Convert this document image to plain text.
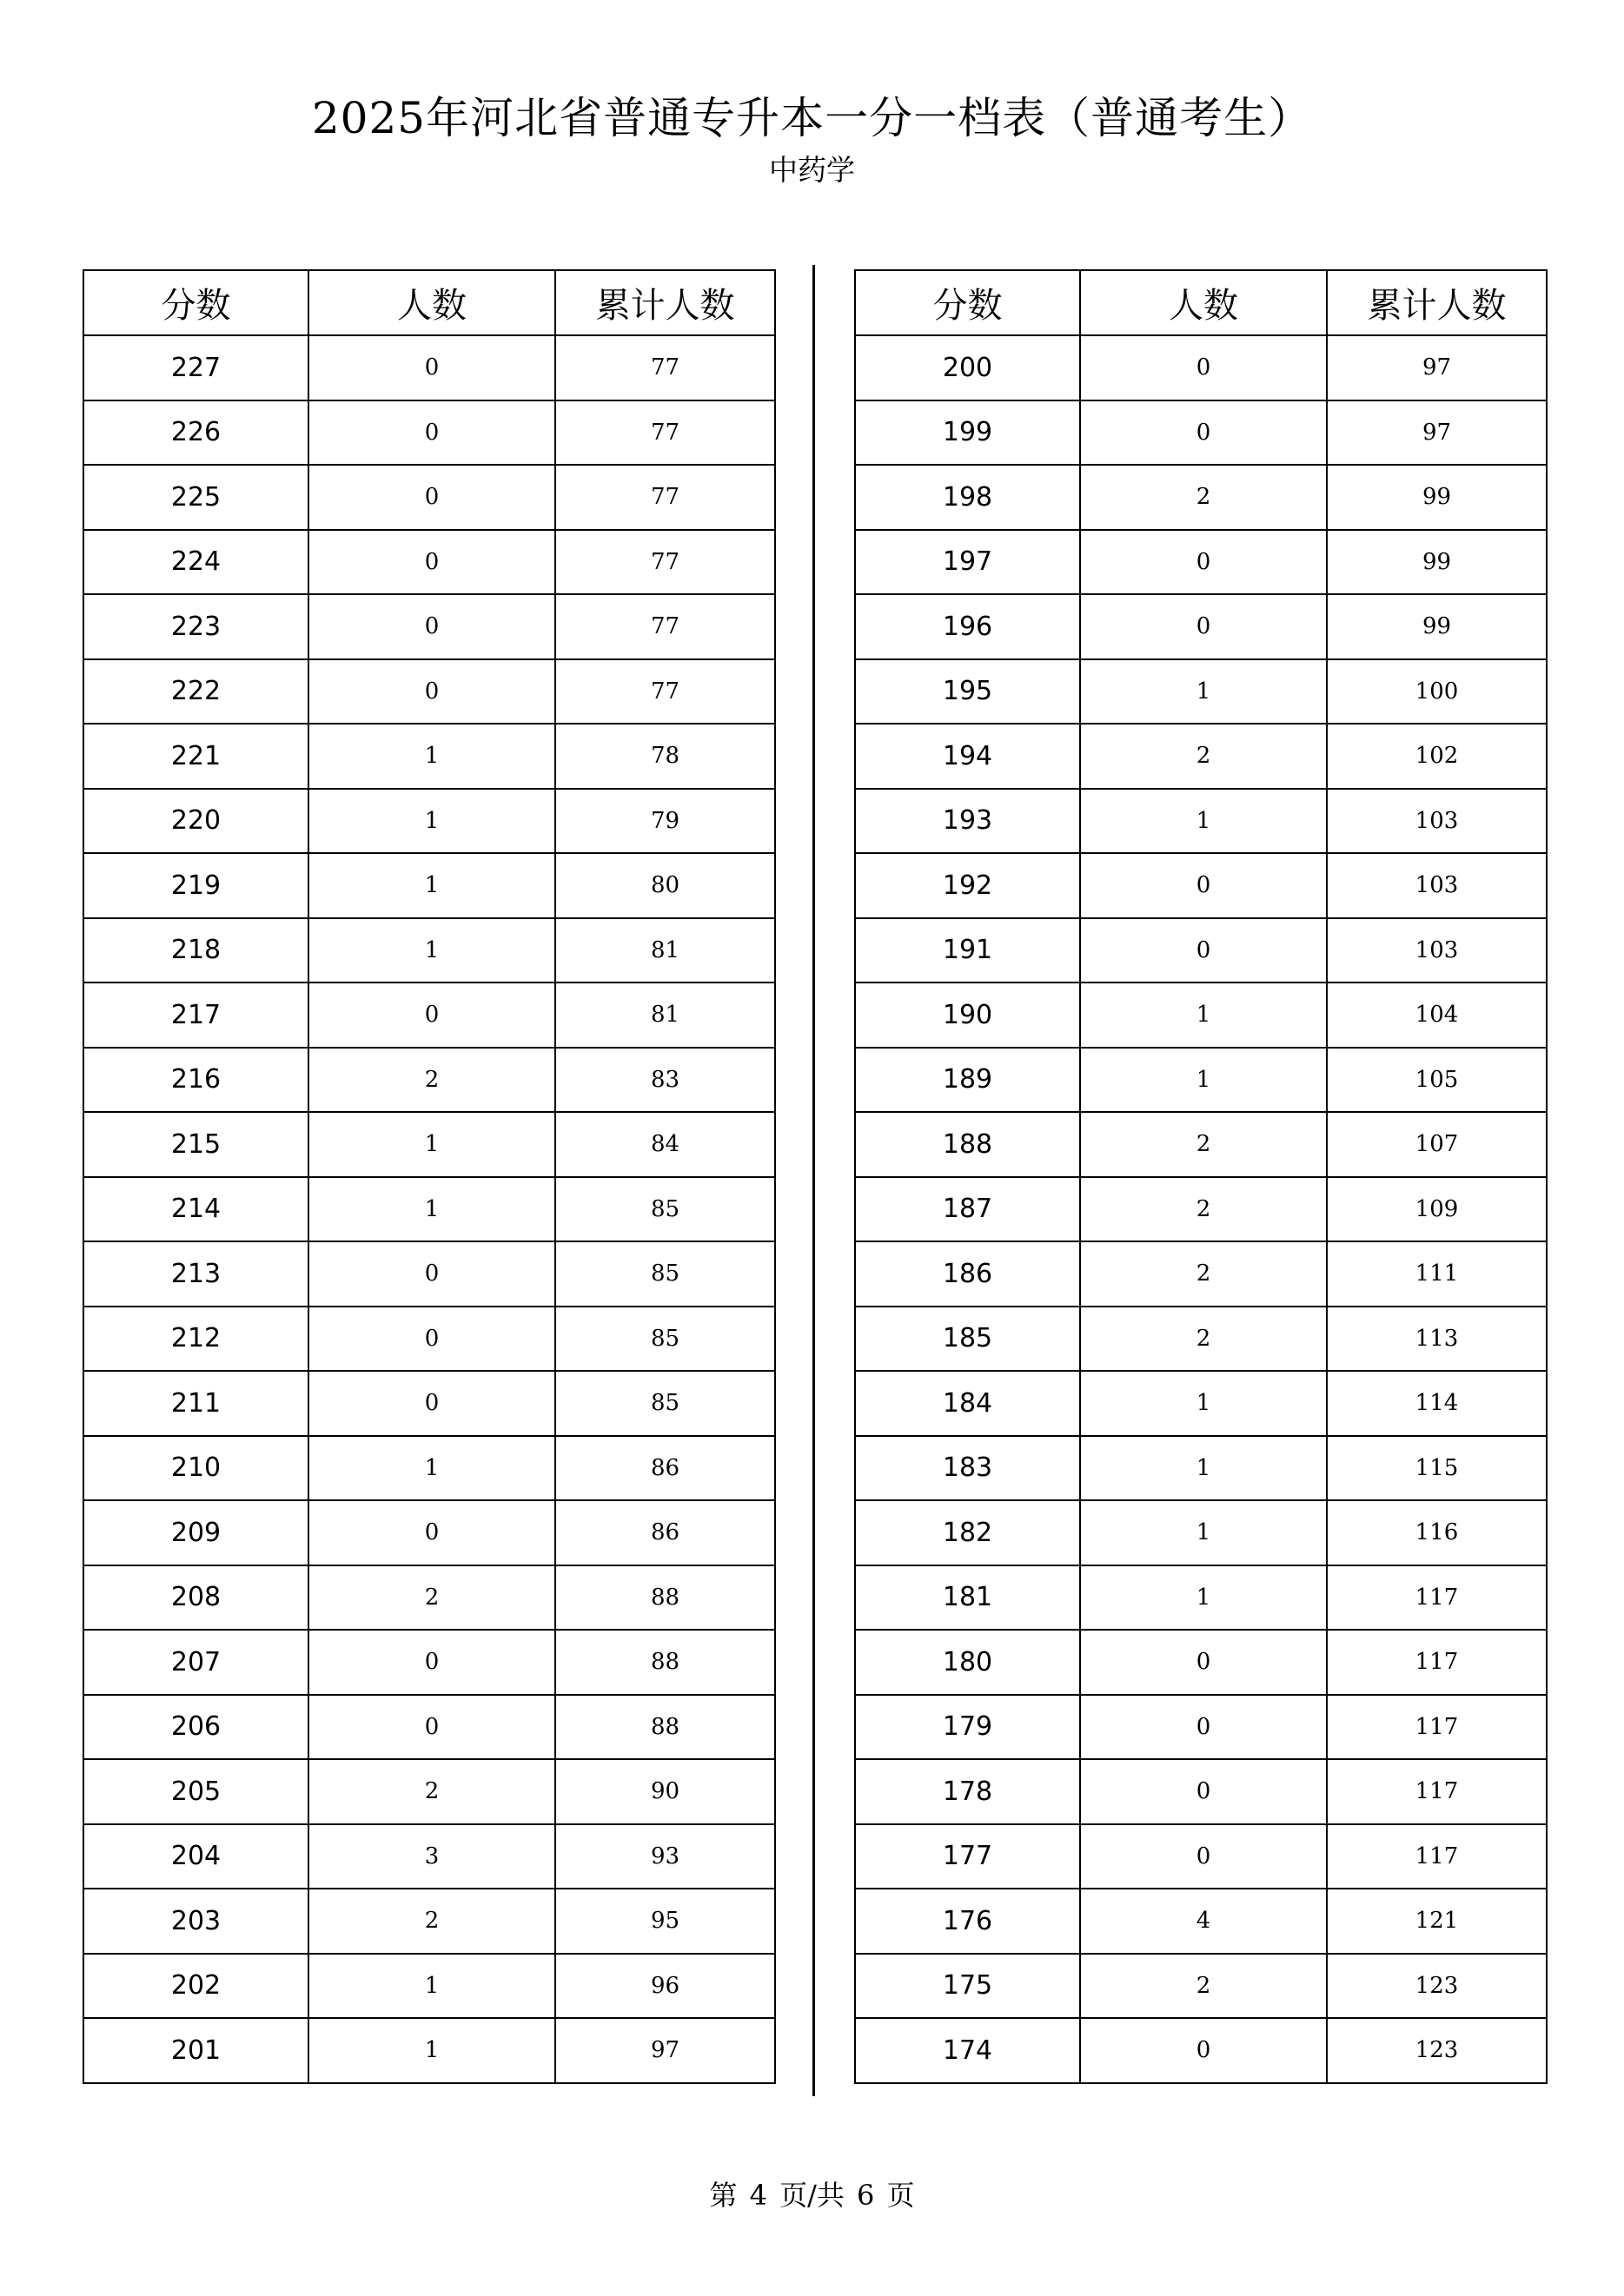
2025年河北省普通专升本一分一档表（普通考生）
中药学
分数	人数	累计人数
227	0	77
226	0	77
225	0	77
224	0	77
223	0	77
222	0	77
221	1	78
220	1	79
219	1	80
218	1	81
217	0	81
216	2	83
215	1	84
214	1	85
213	0	85
212	0	85
211	0	85
210	1	86
209	0	86
208	2	88
207	0	88
206	0	88
205	2	90
204	3	93
203	2	95
202	1	96
201	1	97
分数	人数	累计人数
200	0	97
199	0	97
198	2	99
197	0	99
196	0	99
195	1	100
194	2	102
193	1	103
192	0	103
191	0	103
190	1	104
189	1	105
188	2	107
187	2	109
186	2	111
185	2	113
184	1	114
183	1	115
182	1	116
181	1	117
180	0	117
179	0	117
178	0	117
177	0	117
176	4	121
175	2	123
174	0	123
第 4 页/共 6 页
